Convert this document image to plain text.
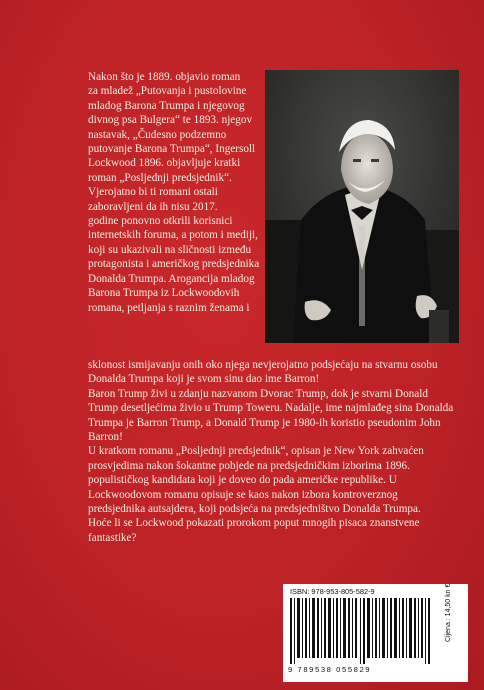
Nakon što je 1889. objavio roman
za mladež „Putovanja i pustolovine
mladog Barona Trumpa i njegovog
divnog psa Bulgera“ te 1893. njegov
nastavak, „Čudesno podzemno
putovanje Barona Trumpa“, Ingersoll
Lockwood 1896. objavljuje kratki
roman „Posljednji predsjednik“.
Vjerojatno bi ti romani ostali
zaboravljeni da ih nisu 2017.
godine ponovno otkrili korisnici
internetskih foruma, a potom i mediji,
koji su ukazivali na sličnosti između
protagonista i američkog predsjednika
Donalda Trumpa. Arogancija mladog
Barona Trumpa iz Lockwoodovih
romana, petljanja s raznim ženama i
sklonost ismijavanju onih oko njega nevjerojatno podsjećaju na stvarnu osobu
Donalda Trumpa koji je svom sinu dao ime Barron!
Baron Trump živi u zdanju nazvanom Dvorac Trump, dok je stvarni Donald
Trump desetljećima živio u Trump Toweru. Nadalje, ime najmlađeg sina Donalda
Trumpa je Barron Trump, a Donald Trump je 1980-ih koristio pseudonim John
Barron!
U kratkom romanu „Posljednji predsjednik“, opisan je New York zahvaćen
prosvjedima nakon šokantne pobjede na predsjedničkim izborima 1896.
populističkog kandidata koji je doveo do pada američke republike. U
Lockwoodovom romanu opisuje se kaos nakon izbora kontroverznog
predsjednika autsajdera, koji podsjeća na predsjedništvo Donalda Trumpa.
Hoće li se Lockwood pokazati prorokom poput mnogih pisaca znanstvene
fantastike?
ISBN: 978-953-805-582-9
9 789538 055829
Cijena : 14,50 kn €
